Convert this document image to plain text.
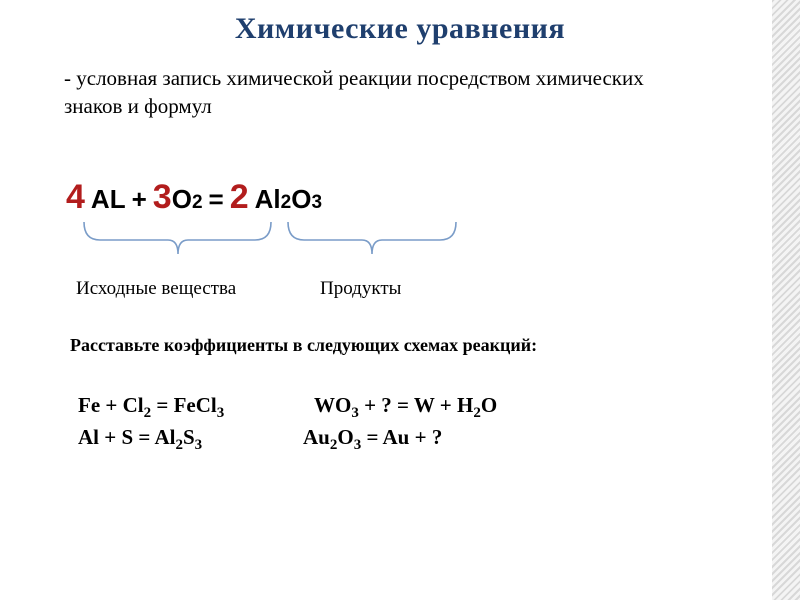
Химические уравнения
- условная запись химической реакции посредством химических знаков и формул
4 AL + 3 O 2 = 2 Al 2 O 3
Исходные вещества	Продукты
Расставьте коэффициенты в следующих схемах реакций:
$Fe + Cl_2$ = FeCl$_3$	$WO_3$ + ? = $W + H_2O$
$Al + S = Al_2S_3$	$Au_2O_3 = Au$ + ?
